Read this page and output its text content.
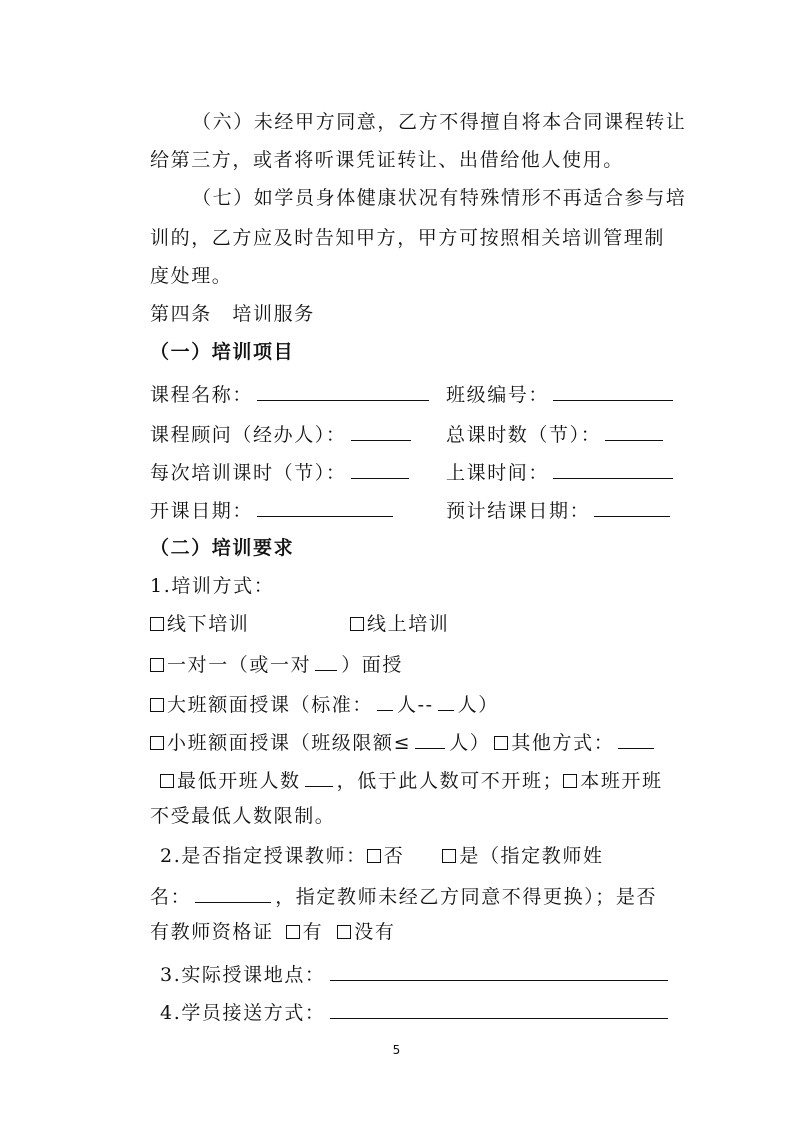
（六）未经甲方同意，乙方不得擅自将本合同课程转让
给第三方，或者将听课凭证转让、出借给他人使用。
（七）如学员身体健康状况有特殊情形不再适合参与培
训的，乙方应及时告知甲方，甲方可按照相关培训管理制
度处理。
第四条　培训服务
（一）培训项目
课程名称：	班级编号：
课程顾问（经办人）：	总课时数（节）：
每次培训课时（节）：	上课时间：
开课日期：	预计结课日期：
（二）培训要求
1.培训方式：
线下培训	线上培训
一对一（或一对 ）面授
大班额面授课（标准： 人-- 人）
小班额面授课（班级限额≤ 人） 其他方式：
最低开班人数 ，低于此人数可不开班； 本班开班
不受最低人数限制。
2.是否指定授课教师： 否	是（指定教师姓
名：	，指定教师未经乙方同意不得更换）；是否
有教师资格证 有 没有
3.实际授课地点：
4.学员接送方式：
5
